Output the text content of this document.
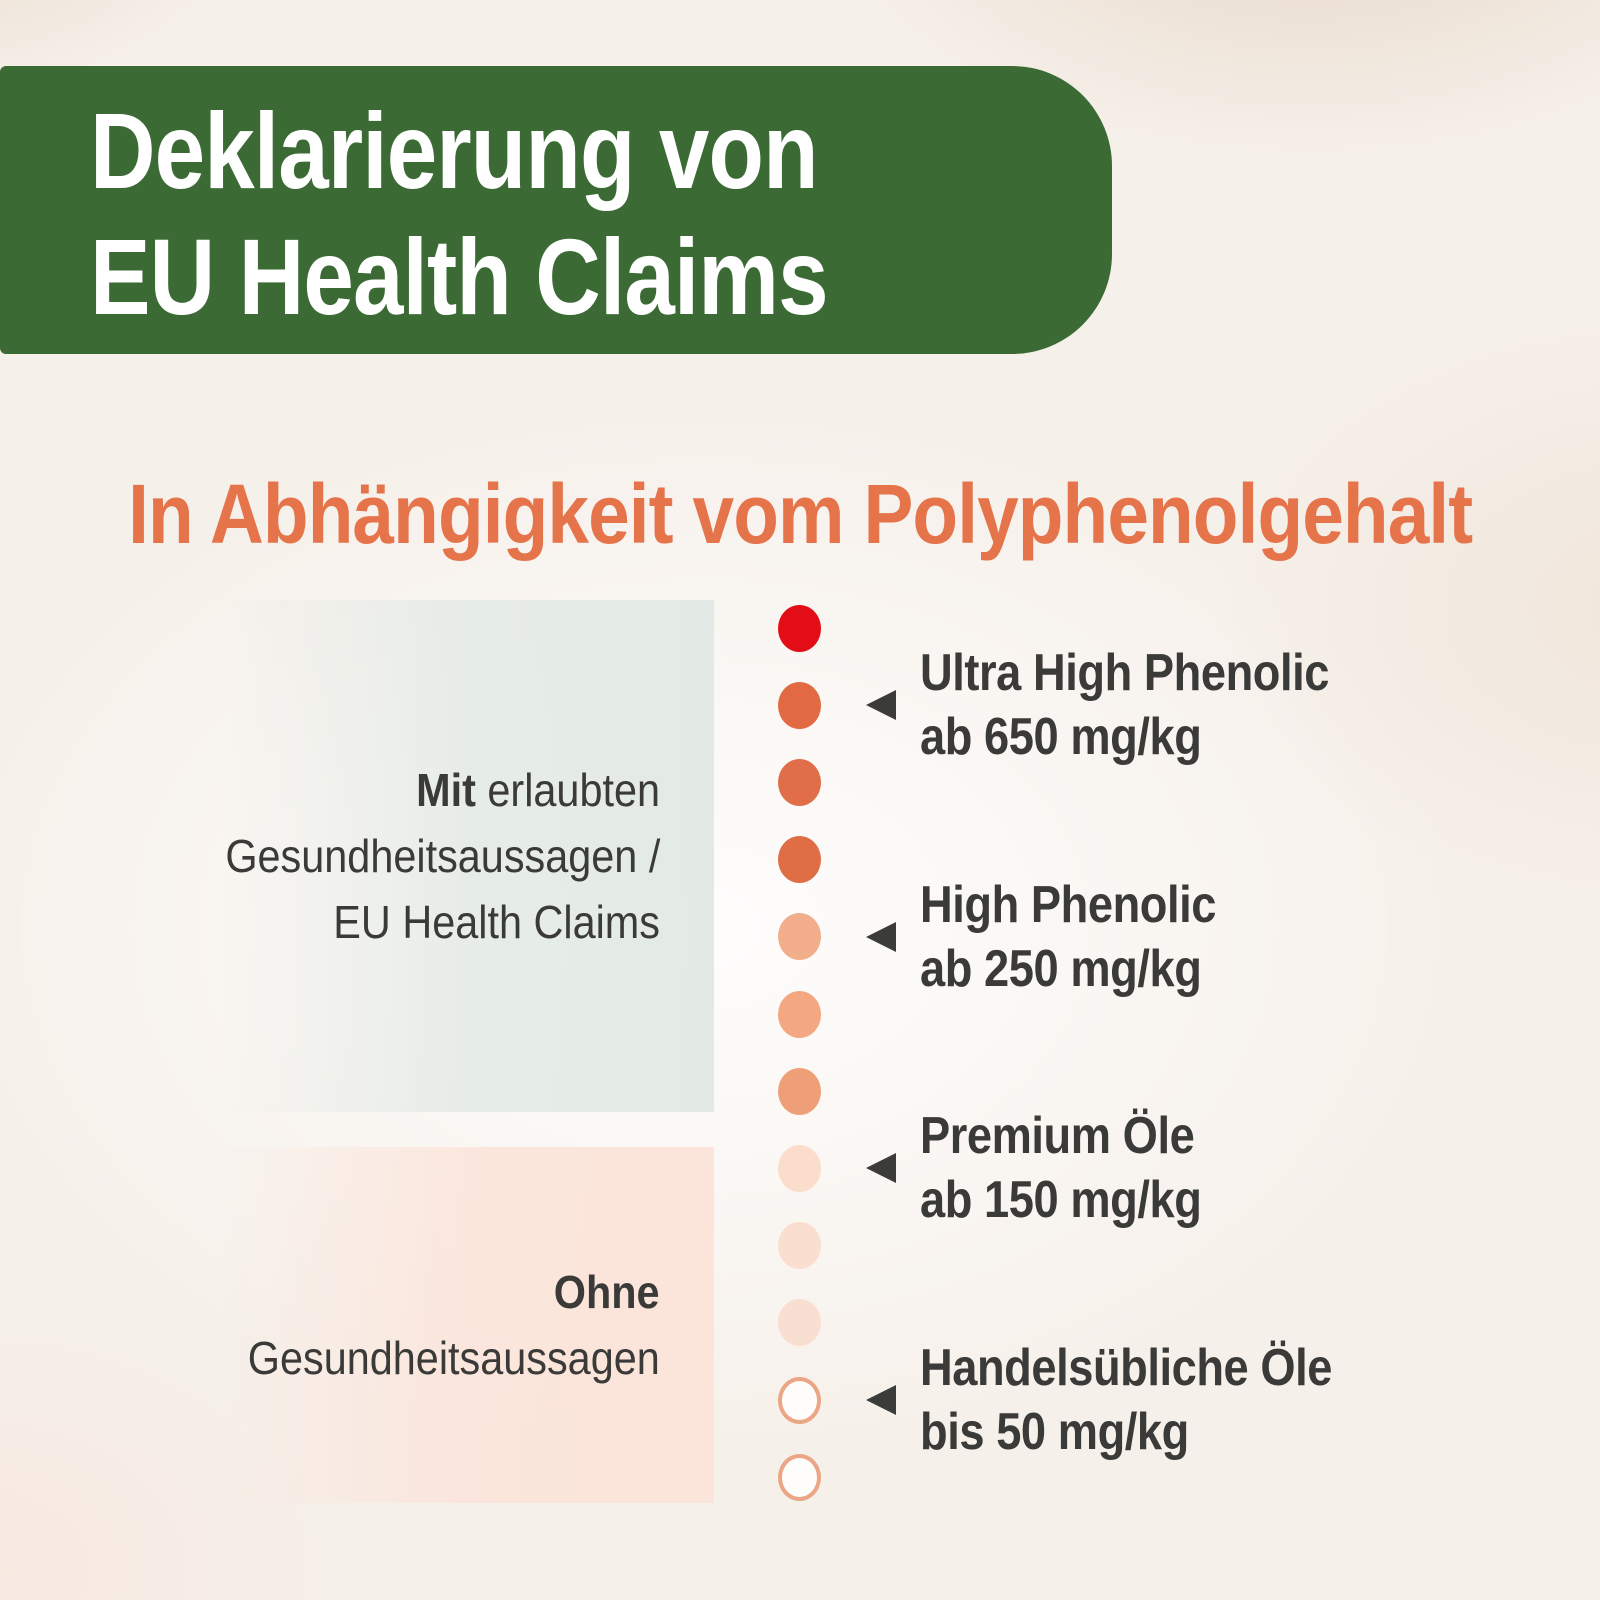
Deklarierung von
EU Health Claims
In Abhängigkeit vom Polyphenolgehalt
Mit erlaubten
Gesundheitsaussagen /
EU Health Claims
Ohne
Gesundheitsaussagen
Ultra High Phenolic
ab 650 mg/kg
High Phenolic
ab 250 mg/kg
Premium Öle
ab 150 mg/kg
Handelsübliche Öle
bis 50 mg/kg
